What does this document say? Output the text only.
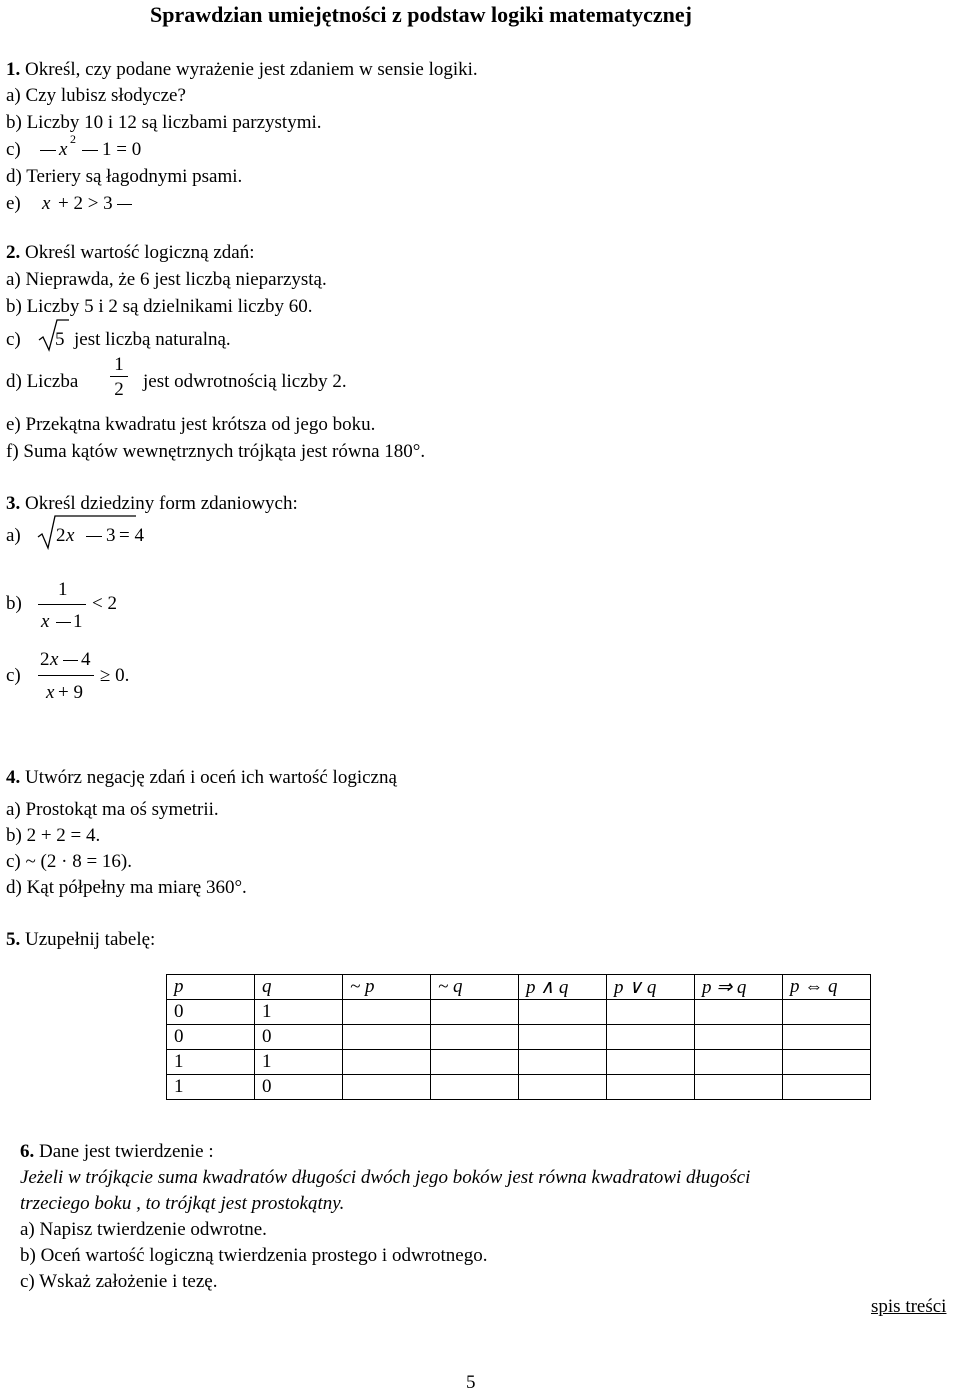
Sprawdzian umiejętności z podstaw logiki matematycznej
1. Określ, czy podane wyrażenie jest zdaniem w sensie logiki.
a) Czy lubisz słodycze?
b) Liczby 10 i 12 są liczbami parzystymi.
c) x 2 1 = 0
d) Teriery są łagodnymi psami.
e) x + 2 > 3
2. Określ wartość logiczną zdań:
a) Nieprawda, że 6 jest liczbą nieparzystą.
b) Liczby 5 i 2 są dzielnikami liczby 60.
c) 5 jest liczbą naturalną.
d) Liczba
1
2 jest odwrotnością liczby 2.
e) Przekątna kwadratu jest krótsza od jego boku.
f) Suma kątów wewnętrznych trójkąta jest równa 180°.
3. Określ dziedziny form zdaniowych:
a) 2 x 3 = 4
b)
1
x 1
< 2
c)
2 x 4
x + 9
≥ 0.
4. Utwórz negację zdań i oceń ich wartość logiczną
a) Prostokąt ma oś symetrii.
b) 2 + 2 = 4.
c) ~ (2 · 8 = 16).
d) Kąt półpełny ma miarę 360°.
5. Uzupełnij tabelę:
p	q	~ p	~ q	p ∧ q	p ∨ q	p ⇒ q	p ⇔ q
0	1						
0	0						
1	1						
1	0						
6. Dane jest twierdzenie :
Jeżeli w trójkącie suma kwadratów długości dwóch jego boków jest równa kwadratowi długości
trzeciego boku , to trójkąt jest prostokątny.
a) Napisz twierdzenie odwrotne.
b) Oceń wartość logiczną twierdzenia prostego i odwrotnego.
c) Wskaż założenie i tezę.
spis treści
5
